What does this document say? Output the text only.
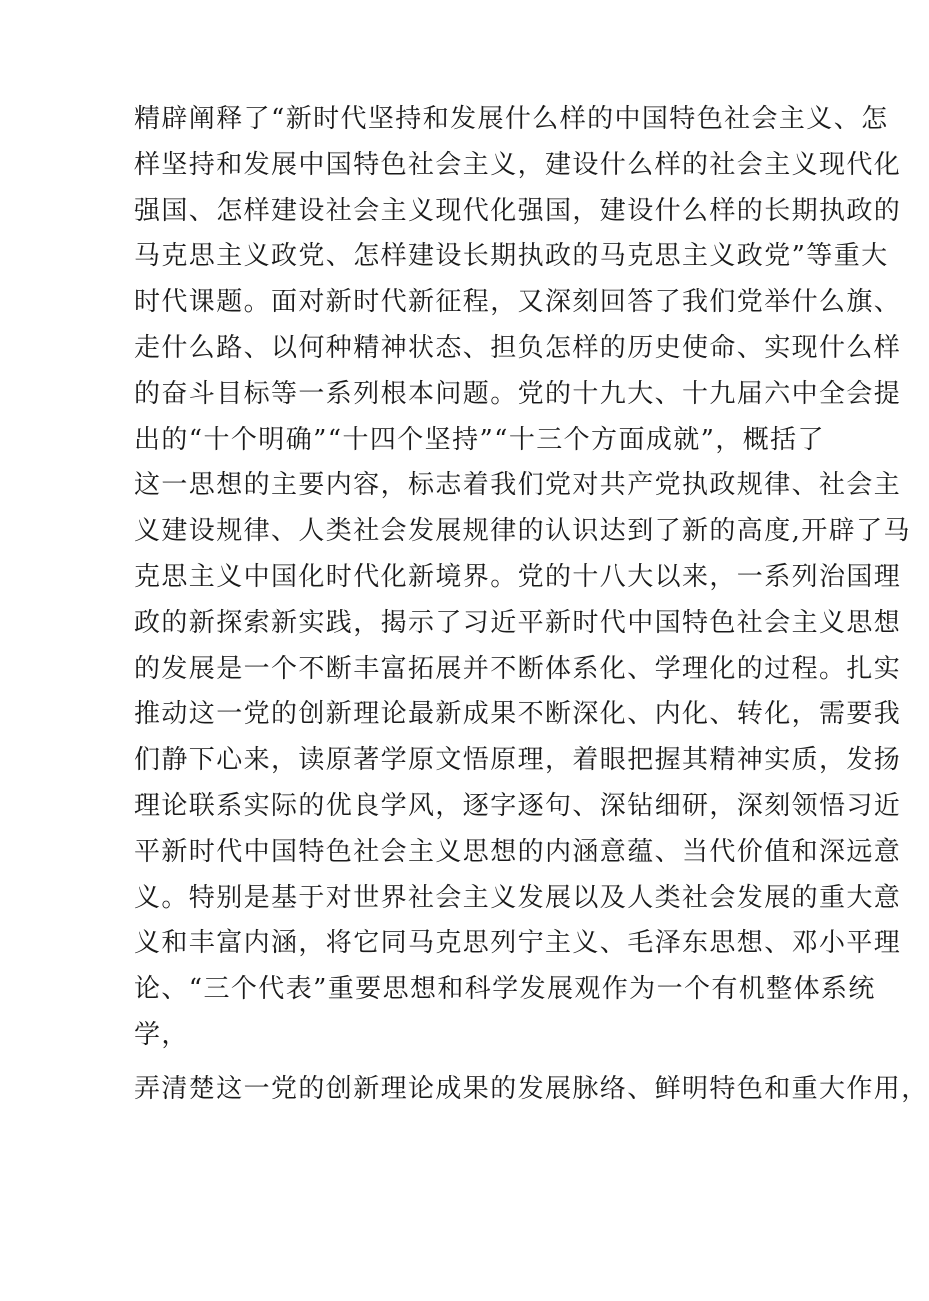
精辟阐释了“新时代坚持和发展什么样的中国特色社会主义、怎
样坚持和发展中国特色社会主义，建设什么样的社会主义现代化
强国、怎样建设社会主义现代化强国，建设什么样的长期执政的
马克思主义政党、怎样建设长期执政的马克思主义政党”等重大
时代课题。面对新时代新征程，又深刻回答了我们党举什么旗、
走什么路、以何种精神状态、担负怎样的历史使命、实现什么样
的奋斗目标等一系列根本问题。党的十九大、十九届六中全会提
出的“十个明确”“十四个坚持”“十三个方面成就”，概括了
这一思想的主要内容，标志着我们党对共产党执政规律、社会主
义建设规律、人类社会发展规律的认识达到了新的高度,开辟了马
克思主义中国化时代化新境界。党的十八大以来，一系列治国理
政的新探索新实践，揭示了习近平新时代中国特色社会主义思想
的发展是一个不断丰富拓展并不断体系化、学理化的过程。扎实
推动这一党的创新理论最新成果不断深化、内化、转化，需要我
们静下心来，读原著学原文悟原理，着眼把握其精神实质，发扬
理论联系实际的优良学风，逐字逐句、深钻细研，深刻领悟习近
平新时代中国特色社会主义思想的内涵意蕴、当代价值和深远意
义。特别是基于对世界社会主义发展以及人类社会发展的重大意
义和丰富内涵，将它同马克思列宁主义、毛泽东思想、邓小平理
论、“三个代表”重要思想和科学发展观作为一个有机整体系统
学，
弄清楚这一党的创新理论成果的发展脉络、鲜明特色和重大作用，
